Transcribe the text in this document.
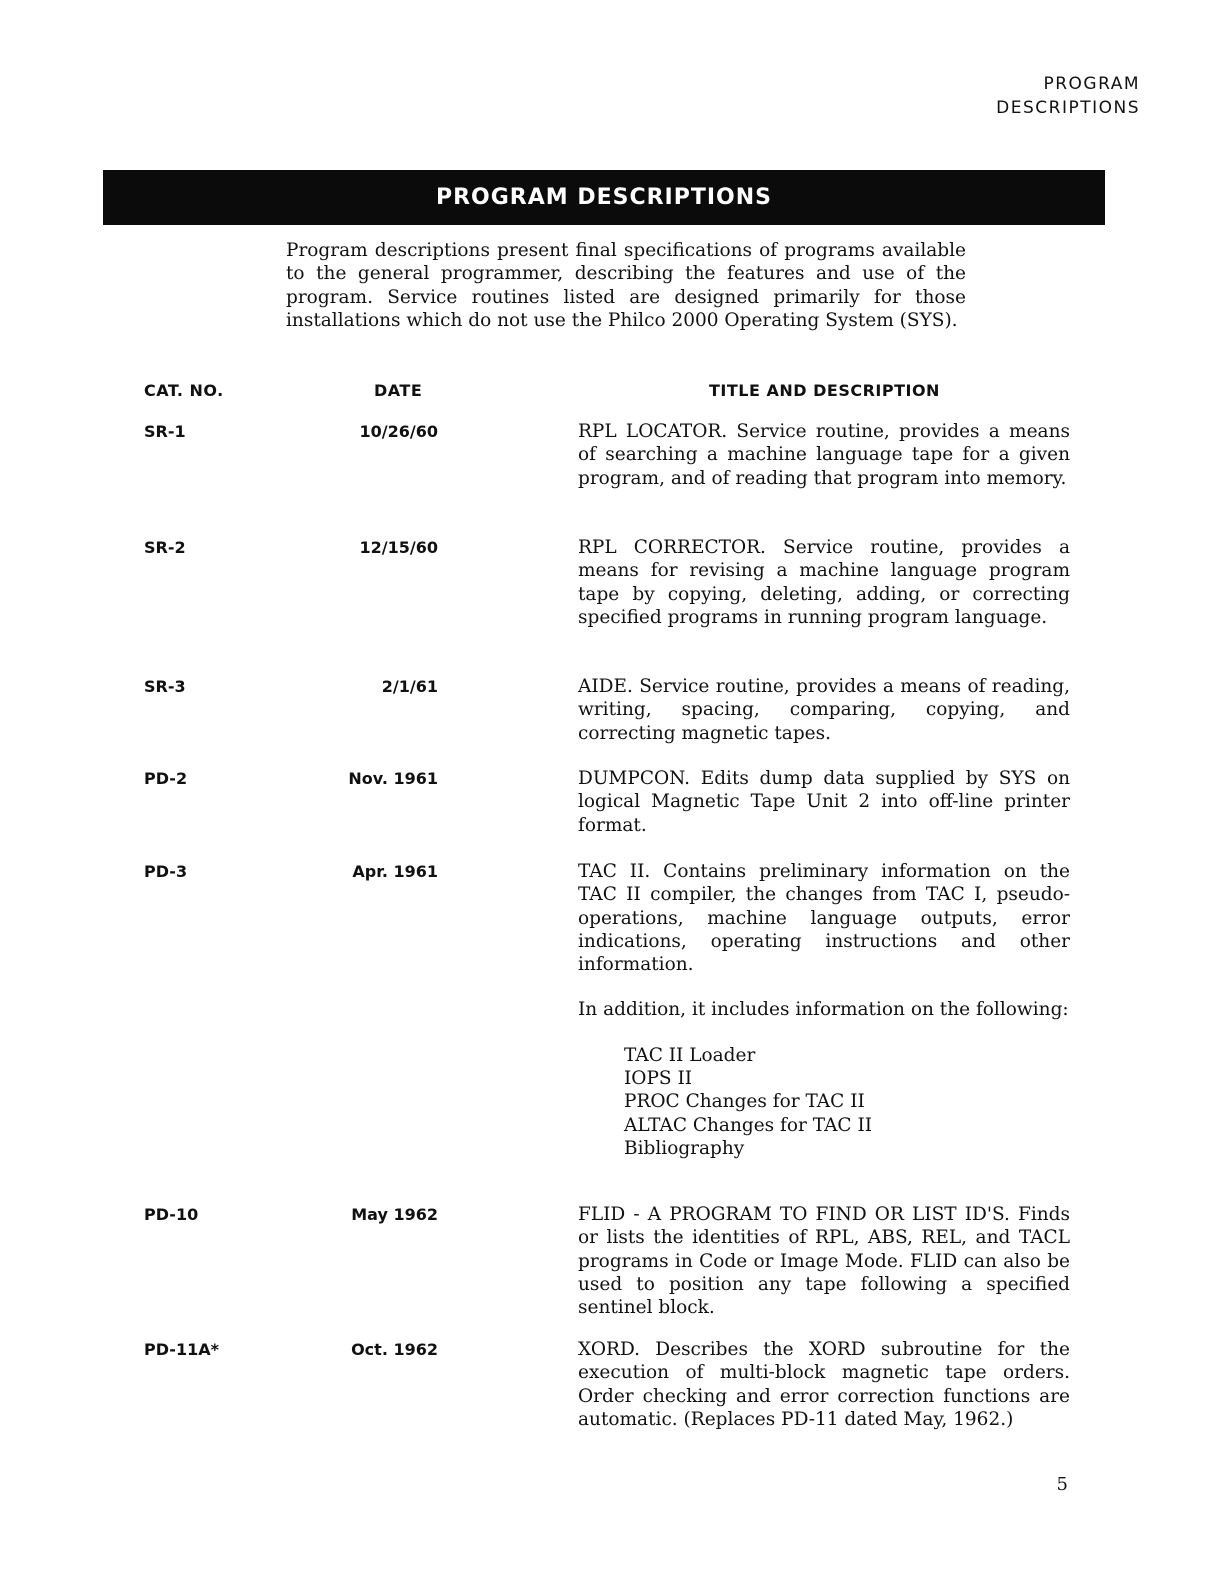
PROGRAM
DESCRIPTIONS
PROGRAM DESCRIPTIONS

Program descriptions present final specifications of programs available to the general programmer, describing the features and use of the program. Service routines listed are designed primarily for those installations which do not use the Philco 2000 Operating System (SYS).

CAT. NO.	DATE	TITLE AND DESCRIPTION
SR-1	10/26/60	RPL LOCATOR. Service routine, provides a means of searching a machine language tape for a given program, and of reading that program into memory.

SR-2	12/15/60	RPL CORRECTOR. Service routine, provides a means for revising a machine language program tape by copying, deleting, adding, or correcting specified programs in running program language.

SR-3	2/1/61	AIDE. Service routine, provides a means of reading, writing, spacing, comparing, copying, and correcting magnetic tapes.

PD-2	Nov. 1961	DUMPCON. Edits dump data supplied by SYS on logical Magnetic Tape Unit 2 into off-line printer format.

PD-3	Apr. 1961	TAC II. Contains preliminary information on the TAC II compiler, the changes from TAC I, pseudo-operations, machine language outputs, error indications, operating instructions and other information.

In addition, it includes information on the following:

TAC II Loader
IOPS II
PROC Changes for TAC II
ALTAC Changes for TAC II
Bibliography
PD-10	May 1962	FLID - A PROGRAM TO FIND OR LIST ID'S. Finds or lists the identities of RPL, ABS, REL, and TACL programs in Code or Image Mode. FLID can also be used to position any tape following a specified sentinel block.

PD-11A*	Oct. 1962	XORD. Describes the XORD subroutine for the execution of multi-block magnetic tape orders. Order checking and error correction functions are automatic. (Replaces PD-11 dated May, 1962.)

5
